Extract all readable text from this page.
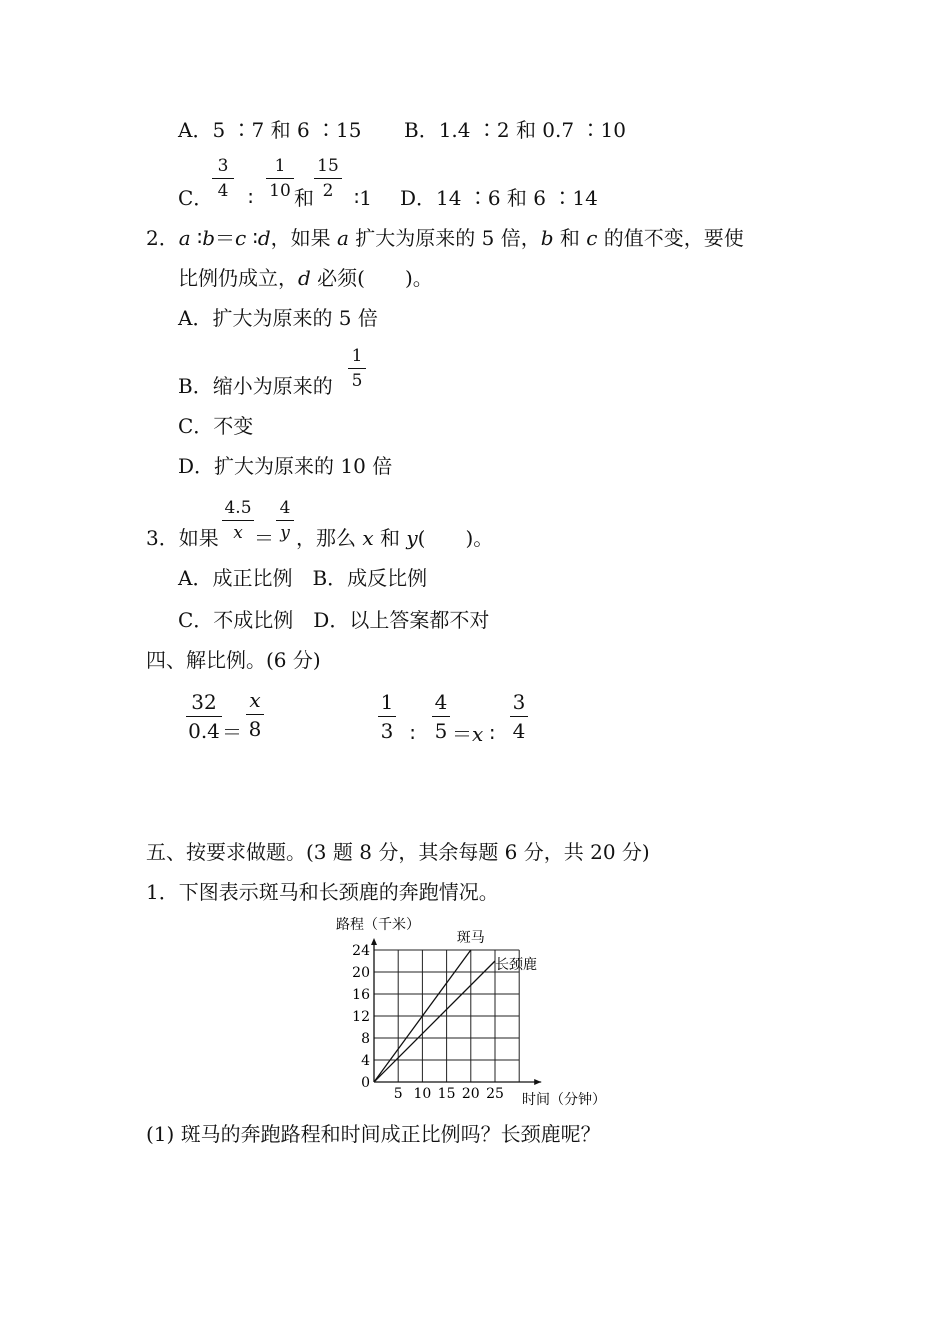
A．5 ∶7 和 6 ∶15 B．1.4 ∶2 和 0.7 ∶10
C．
3
4 ∶
1
10 和
15
2	∶1 D．14 ∶6 和 6 ∶14
2．a ∶b＝c ∶d，如果 a 扩大为原来的 5 倍，b 和 c 的值不变，要使
比例仍成立，d 必须(　　)。
A．扩大为原来的 5 倍
B．缩小为原来的
1
5
C．不变
D．扩大为原来的 10 倍
3．如果
4.5
x ＝
4
y ，那么 x 和 y(　　)。
A．成正比例　B．成反比例
C．不成比例　D．以上答案都不对
四、解比例。(6 分)
32
0.4 ＝
x
8
1
3 ∶
4
5 ＝x ∶
3
4
五、按要求做题。(3 题 8 分，其余每题 6 分，共 20 分)
1．下图表示斑马和长颈鹿的奔跑情况。
路程（千米）
时间（分钟）
5 10 15 20 25
0
4
8
12
16
20
24
斑马
长颈鹿
(1) 斑马的奔跑路程和时间成正比例吗？长颈鹿呢？
